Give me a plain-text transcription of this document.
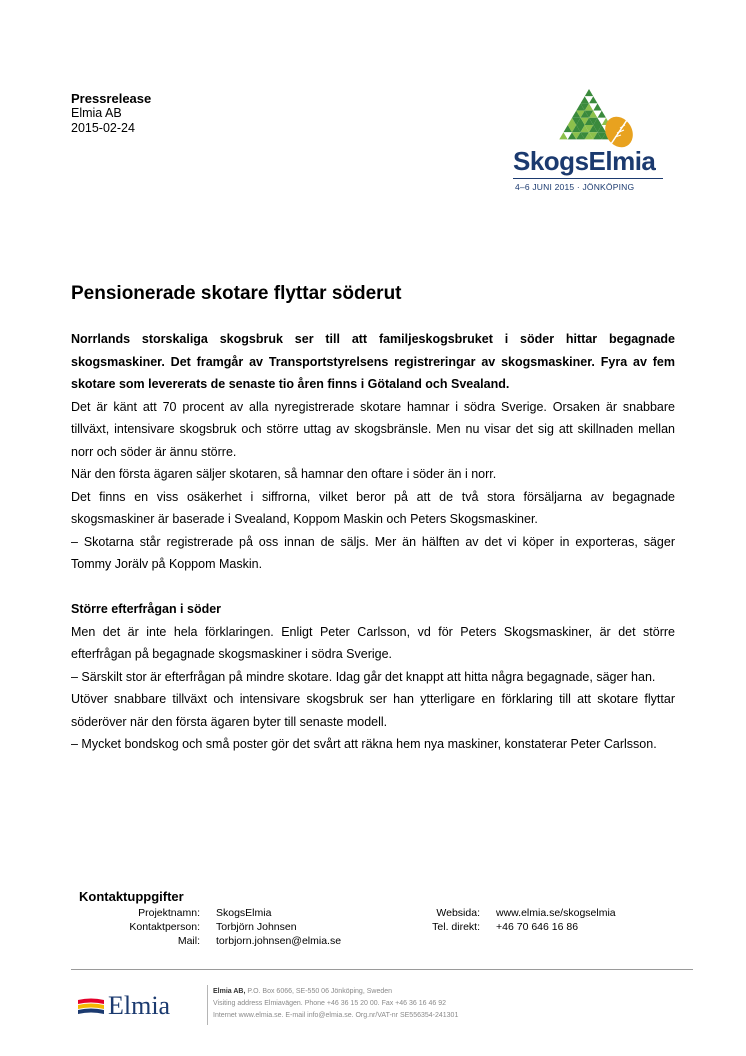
Pressrelease
Elmia AB
2015-02-24
SkogsElmia
4–6 JUNI 2015 · JÖNKÖPING
Pensionerade skotare flyttar söderut

Norrlands storskaliga skogsbruk ser till att familjeskogsbruket i söder hittar begagnade skogsmaskiner. Det framgår av Transportstyrelsens registreringar av skogsmaskiner. Fyra av fem skotare som levererats de senaste tio åren finns i Götaland och Svealand.

Det är känt att 70 procent av alla nyregistrerade skotare hamnar i södra Sverige. Orsaken är snabbare tillväxt, intensivare skogsbruk och större uttag av skogsbränsle. Men nu visar det sig att skillnaden mellan norr och söder är ännu större.

När den första ägaren säljer skotaren, så hamnar den oftare i söder än i norr.

Det finns en viss osäkerhet i siffrorna, vilket beror på att de två stora försäljarna av begagnade skogsmaskiner är baserade i Svealand, Koppom Maskin och Peters Skogsmaskiner.

– Skotarna står registrerade på oss innan de säljs. Mer än hälften av det vi köper in exporteras, säger Tommy Jorälv på Koppom Maskin.

Större efterfrågan i söder

Men det är inte hela förklaringen. Enligt Peter Carlsson, vd för Peters Skogsmaskiner, är det större efterfrågan på begagnade skogsmaskiner i södra Sverige.

– Särskilt stor är efterfrågan på mindre skotare. Idag går det knappt att hitta några begagnade, säger han.

Utöver snabbare tillväxt och intensivare skogsbruk ser han ytterligare en förklaring till att skotare flyttar söderöver när den första ägaren byter till senaste modell.

– Mycket bondskog och små poster gör det svårt att räkna hem nya maskiner, konstaterar Peter Carlsson.

Kontaktuppgifter
Projektnamn:
Kontaktperson:
Mail:
SkogsElmia
Torbjörn Johnsen
torbjorn.johnsen@elmia.se
Websida:
Tel. direkt:
www.elmia.se/skogselmia
+46 70 646 16 86
Elmia	Elmia AB, P.O. Box 6066, SE-550 06 Jönköping, Sweden
Visiting address Elmiavägen. Phone +46 36 15 20 00. Fax +46 36 16 46 92
Internet www.elmia.se. E-mail info@elmia.se. Org.nr/VAT-nr SE556354-241301
